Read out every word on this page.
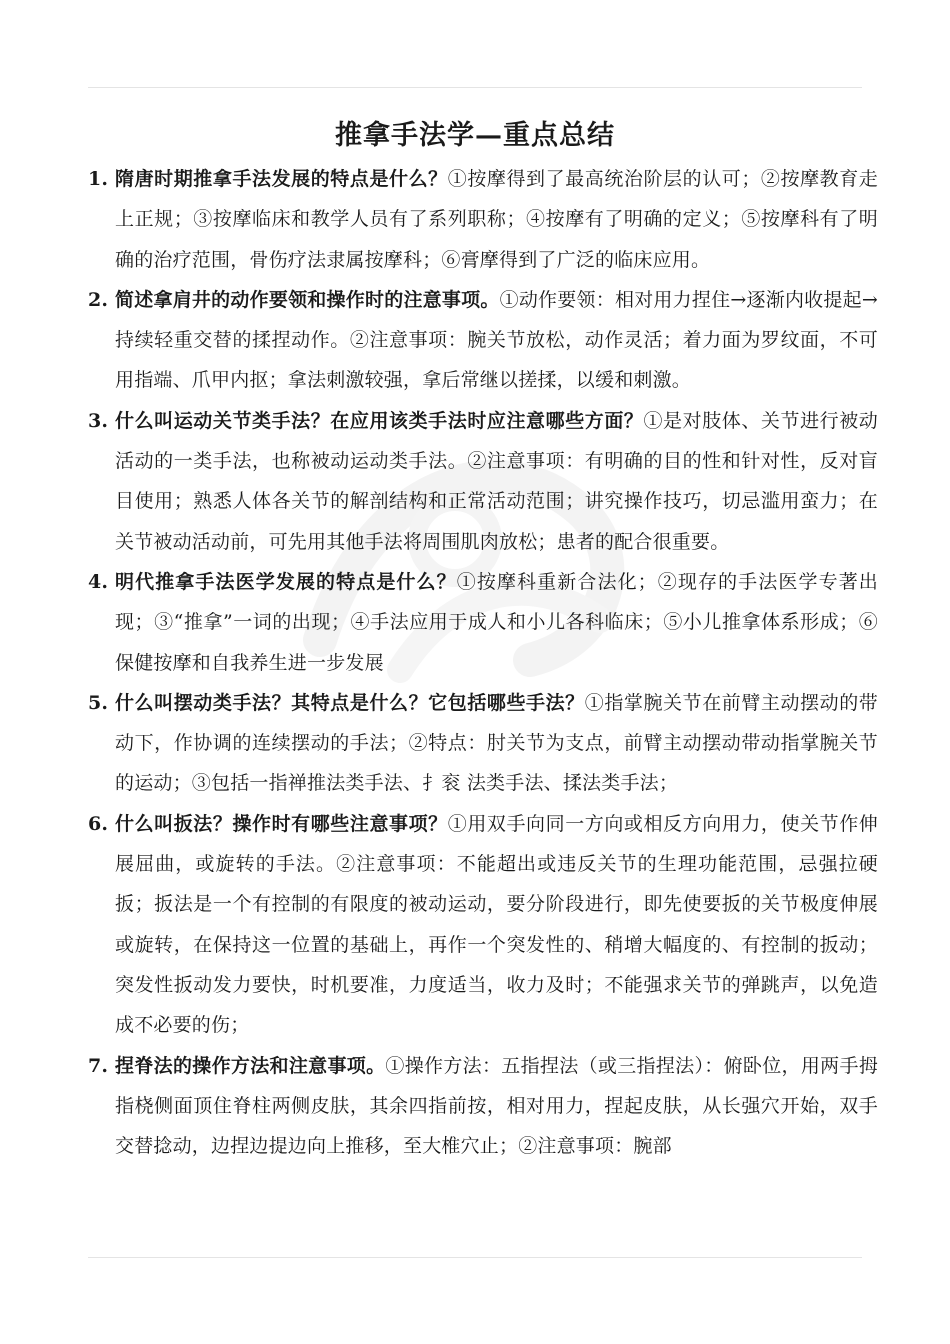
推拿手法学—重点总结
1. 隋唐时期推拿手法发展的特点是什么？①按摩得到了最高统治阶层的认可；②按摩教育走上正规；③按摩临床和教学人员有了系列职称；④按摩有了明确的定义；⑤按摩科有了明确的治疗范围，骨伤疗法隶属按摩科；⑥膏摩得到了广泛的临床应用。
2. 简述拿肩井的动作要领和操作时的注意事项。①动作要领：相对用力捏住→逐渐内收提起→持续轻重交替的揉捏动作。②注意事项：腕关节放松，动作灵活；着力面为罗纹面，不可用指端、爪甲内抠；拿法刺激较强，拿后常继以搓揉，以缓和刺激。
3. 什么叫运动关节类手法？在应用该类手法时应注意哪些方面？①是对肢体、关节进行被动活动的一类手法，也称被动运动类手法。②注意事项：有明确的目的性和针对性，反对盲目使用；熟悉人体各关节的解剖结构和正常活动范围；讲究操作技巧，切忌滥用蛮力；在关节被动活动前，可先用其他手法将周围肌肉放松；患者的配合很重要。
4. 明代推拿手法医学发展的特点是什么？①按摩科重新合法化；②现存的手法医学专著出现；③“推拿”一词的出现；④手法应用于成人和小儿各科临床；⑤小儿推拿体系形成；⑥保健按摩和自我养生进一步发展
5. 什么叫摆动类手法？其特点是什么？它包括哪些手法？①指掌腕关节在前臂主动摆动的带动下，作协调的连续摆动的手法；②特点：肘关节为支点，前臂主动摆动带动指掌腕关节的运动；③包括一指禅推法类手法、扌衮 法类手法、揉法类手法；
6. 什么叫扳法？操作时有哪些注意事项？①用双手向同一方向或相反方向用力，使关节作伸展屈曲，或旋转的手法。②注意事项：不能超出或违反关节的生理功能范围，忌强拉硬扳；扳法是一个有控制的有限度的被动运动，要分阶段进行，即先使要扳的关节极度伸展或旋转，在保持这一位置的基础上，再作一个突发性的、稍增大幅度的、有控制的扳动；突发性扳动发力要快，时机要准，力度适当，收力及时；不能强求关节的弹跳声，以免造成不必要的伤；
7. 捏脊法的操作方法和注意事项。①操作方法：五指捏法（或三指捏法）：俯卧位，用两手拇指桡侧面顶住脊柱两侧皮肤，其余四指前按，相对用力，捏起皮肤，从长强穴开始，双手交替捻动，边捏边提边向上推移，至大椎穴止；②注意事项：腕部
